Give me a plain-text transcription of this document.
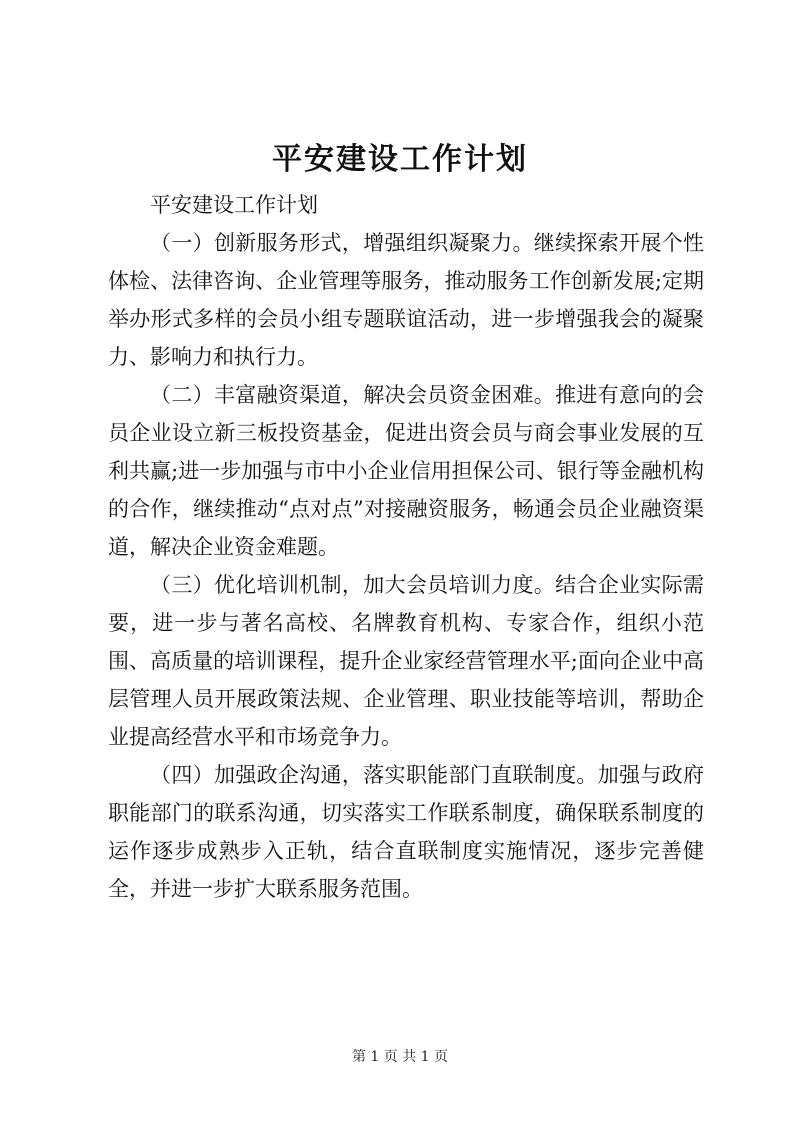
平安建设工作计划

平安建设工作计划

（一）创新服务形式，增强组织凝聚力。继续探索开展个性体检、法律咨询、企业管理等服务，推动服务工作创新发展;定期举办形式多样的会员小组专题联谊活动，进一步增强我会的凝聚力、影响力和执行力。

（二）丰富融资渠道，解决会员资金困难。推进有意向的会员企业设立新三板投资基金，促进出资会员与商会事业发展的互利共赢;进一步加强与市中小企业信用担保公司、银行等金融机构的合作，继续推动“点对点”对接融资服务，畅通会员企业融资渠道，解决企业资金难题。

（三）优化培训机制，加大会员培训力度。结合企业实际需要，进一步与著名高校、名牌教育机构、专家合作，组织小范围、高质量的培训课程，提升企业家经营管理水平;面向企业中高层管理人员开展政策法规、企业管理、职业技能等培训，帮助企业提高经营水平和市场竞争力。

（四）加强政企沟通，落实职能部门直联制度。加强与政府职能部门的联系沟通，切实落实工作联系制度，确保联系制度的运作逐步成熟步入正轨，结合直联制度实施情况，逐步完善健全，并进一步扩大联系服务范围。

第 1 页 共 1 页
